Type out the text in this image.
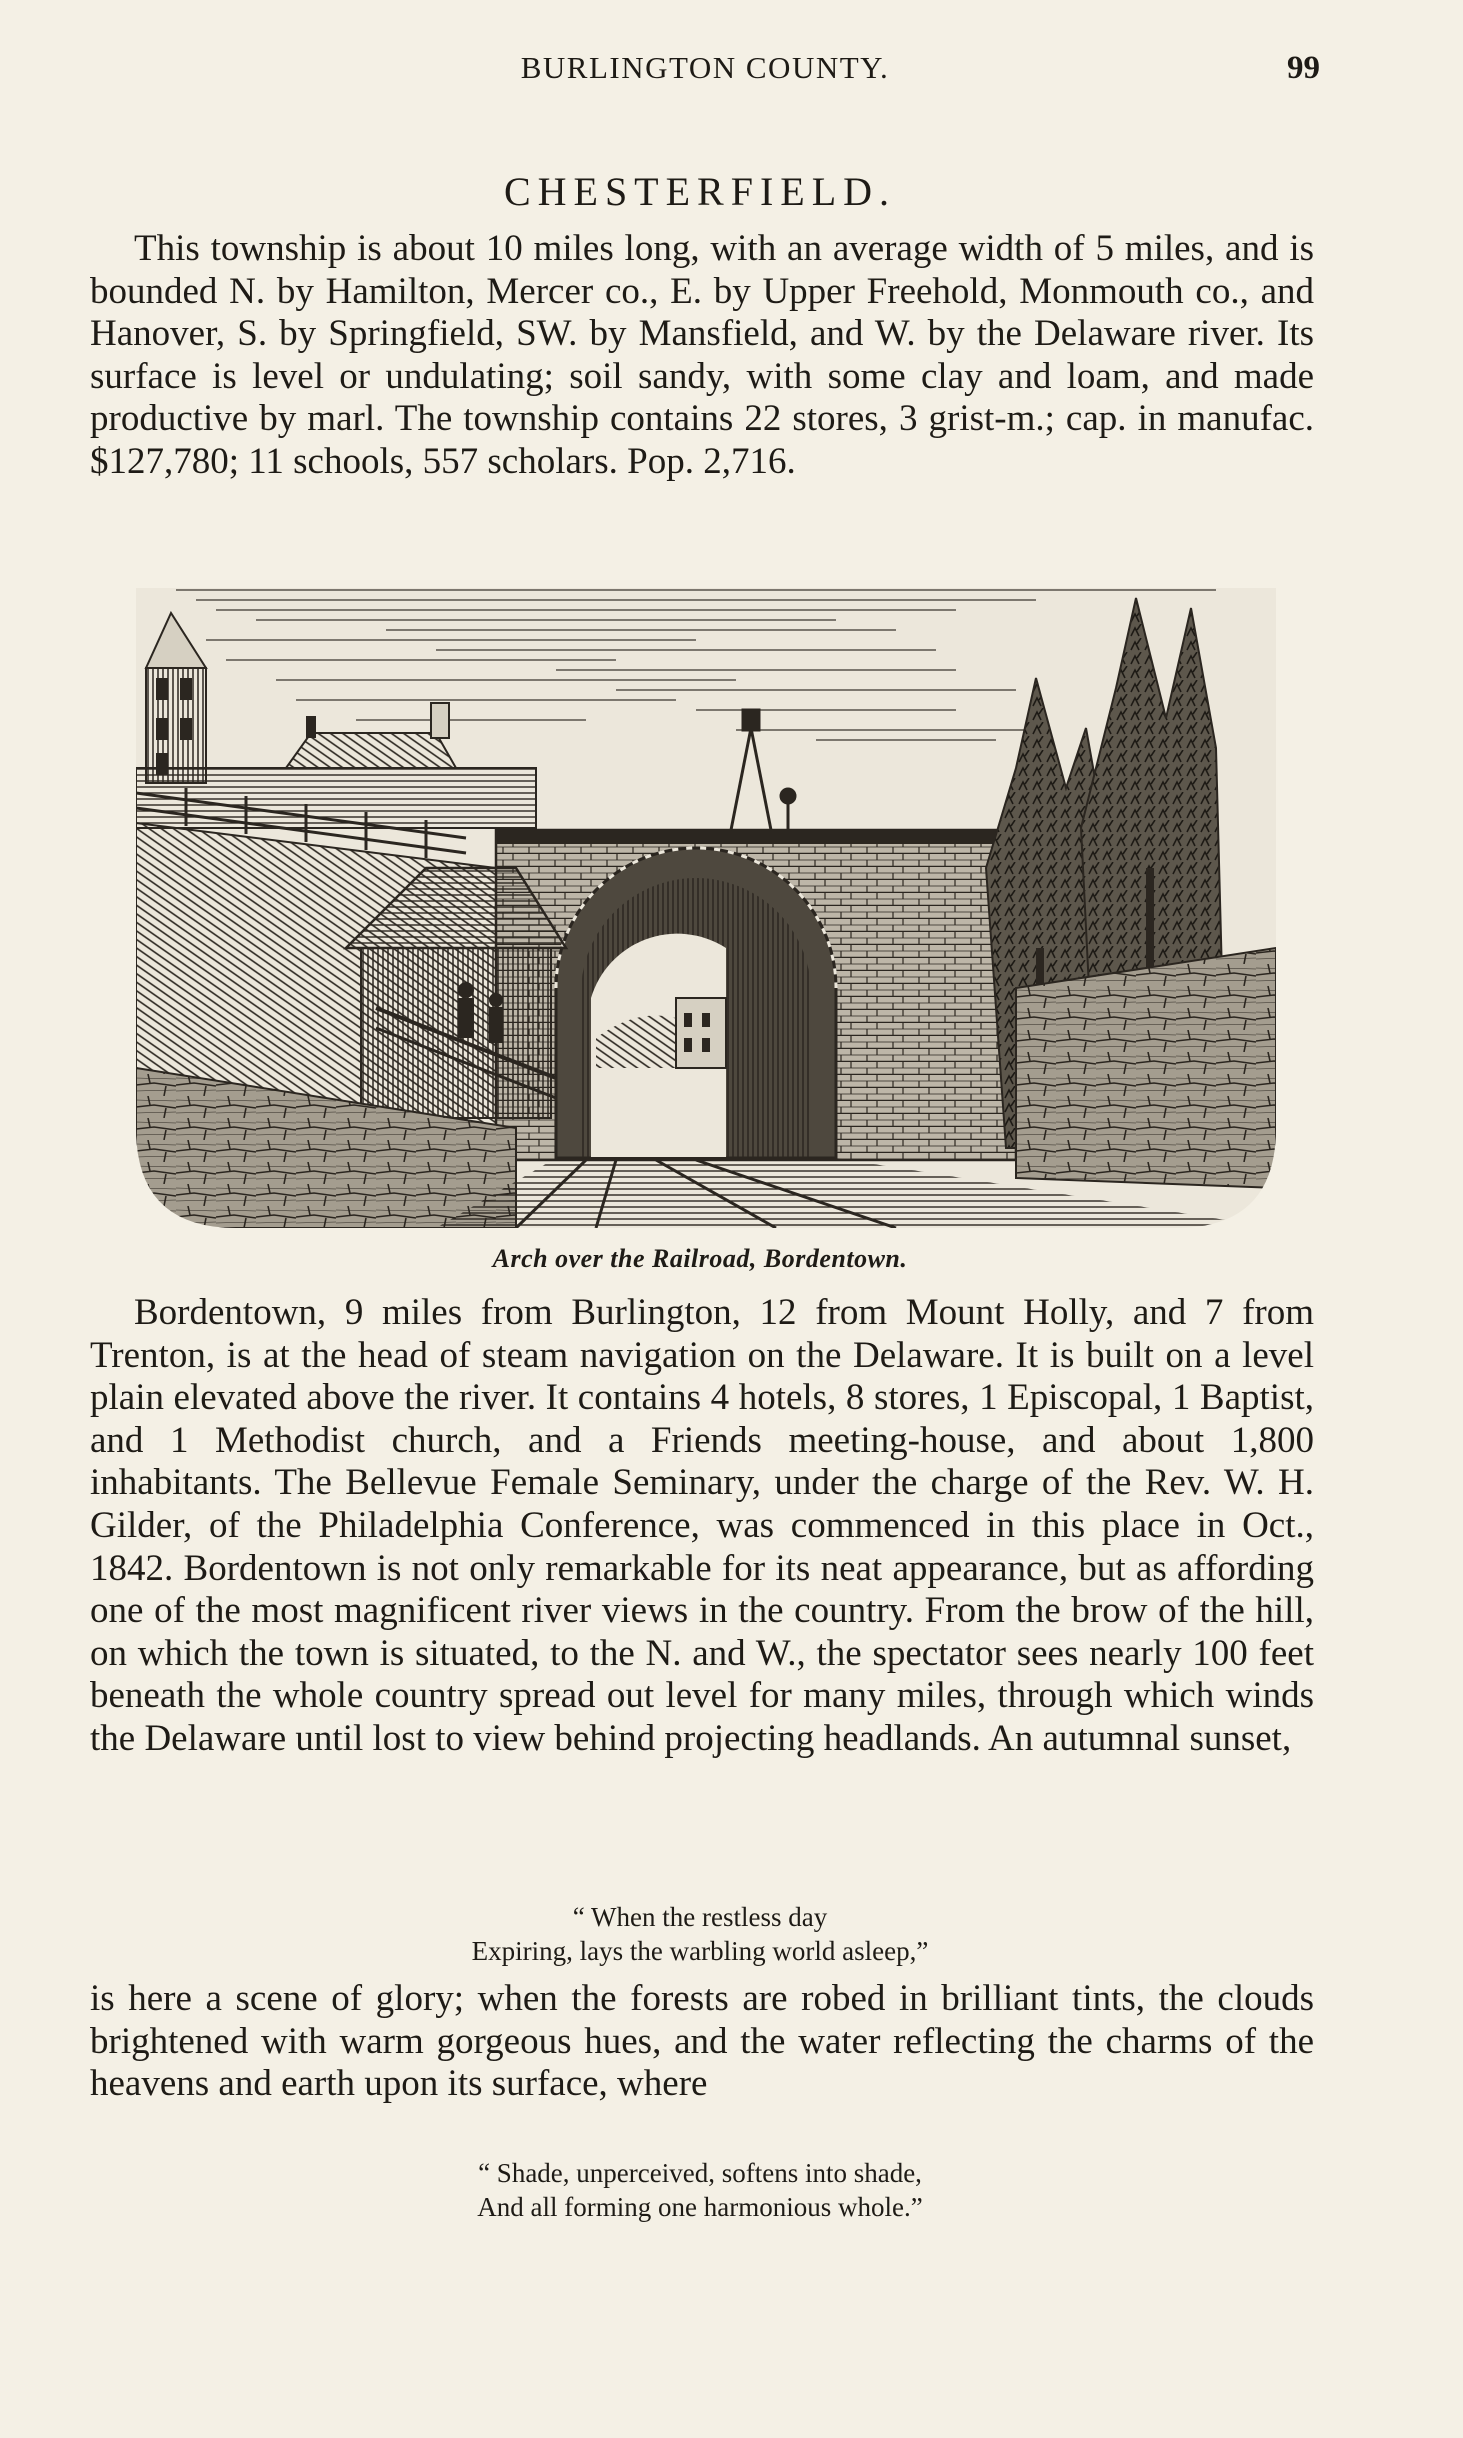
BURLINGTON COUNTY.	99
CHESTERFIELD.

This township is about 10 miles long, with an average width of 5 miles, and is bounded N. by Hamilton, Mercer co., E. by Upper Freehold, Monmouth co., and Hanover, S. by Springfield, SW. by Mansfield, and W. by the Delaware river. Its surface is level or undulating; soil sandy, with some clay and loam, and made productive by marl. The township contains 22 stores, 3 grist-m.; cap. in manufac. $127,780; 11 schools, 557 scholars. Pop. 2,716.

Arch over the Railroad, Bordentown.

Bordentown, 9 miles from Burlington, 12 from Mount Holly, and 7 from Trenton, is at the head of steam navigation on the Delaware. It is built on a level plain elevated above the river. It contains 4 hotels, 8 stores, 1 Episcopal, 1 Baptist, and 1 Methodist church, and a Friends meeting-house, and about 1,800 inhabitants. The Bellevue Female Seminary, under the charge of the Rev. W. H. Gilder, of the Philadelphia Conference, was commenced in this place in Oct., 1842. Bordentown is not only remarkable for its neat appearance, but as affording one of the most magnificent river views in the country. From the brow of the hill, on which the town is situated, to the N. and W., the spectator sees nearly 100 feet beneath the whole country spread out level for many miles, through which winds the Delaware until lost to view behind projecting headlands. An autumnal sunset,

“ When the restless day
Expiring, lays the warbling world asleep,”

is here a scene of glory; when the forests are robed in brilliant tints, the clouds brightened with warm gorgeous hues, and the water reflecting the charms of the heavens and earth upon its surface, where

“ Shade, unperceived, softens into shade,
And all forming one harmonious whole.”
